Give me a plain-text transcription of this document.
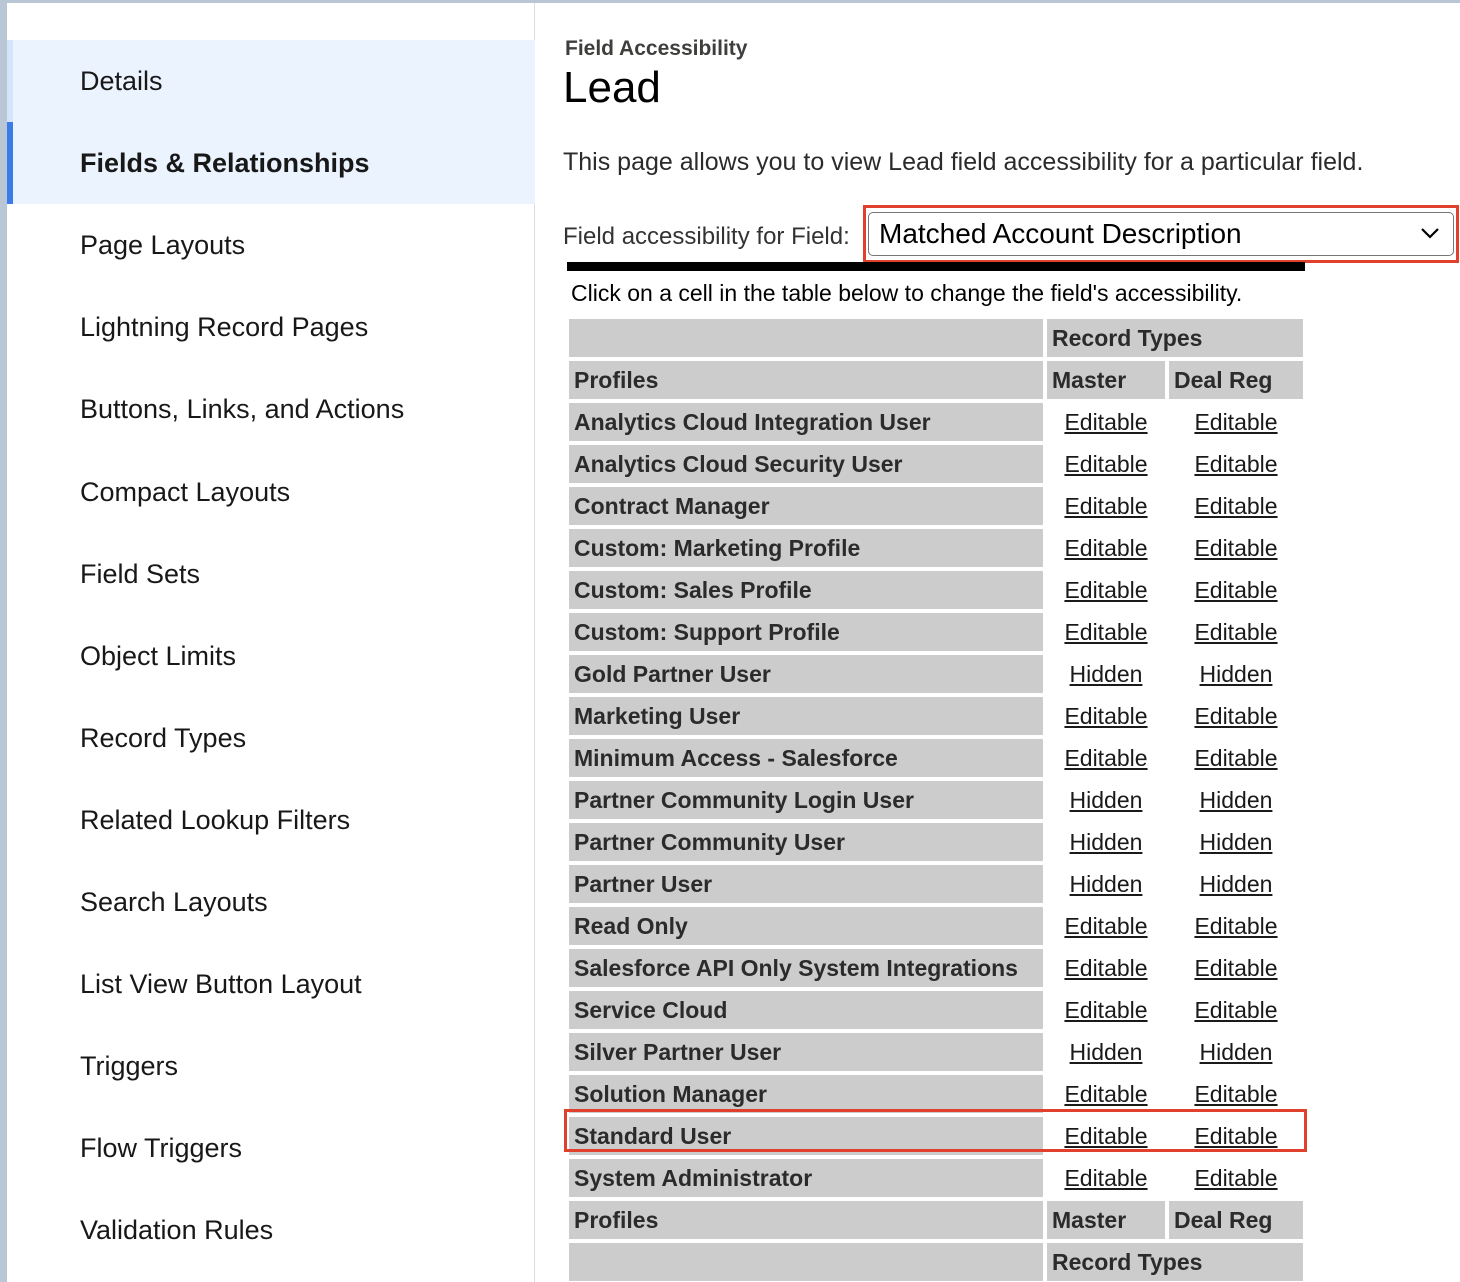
Details
Fields & Relationships
Page Layouts
Lightning Record Pages
Buttons, Links, and Actions
Compact Layouts
Field Sets
Object Limits
Record Types
Related Lookup Filters
Search Layouts
List View Button Layout
Triggers
Flow Triggers
Validation Rules
Field Accessibility
Lead

This page allows you to view Lead field accessibility for a particular field.

Field accessibility for Field: Matched Account Description
Click on a cell in the table below to change the field's accessibility.
	Record Types	
Profiles	Master	Deal Reg
Analytics Cloud Integration User	Editable	Editable
Analytics Cloud Security User	Editable	Editable
Contract Manager	Editable	Editable
Custom: Marketing Profile	Editable	Editable
Custom: Sales Profile	Editable	Editable
Custom: Support Profile	Editable	Editable
Gold Partner User	Hidden	Hidden
Marketing User	Editable	Editable
Minimum Access - Salesforce	Editable	Editable
Partner Community Login User	Hidden	Hidden
Partner Community User	Hidden	Hidden
Partner User	Hidden	Hidden
Read Only	Editable	Editable
Salesforce API Only System Integrations	Editable	Editable
Service Cloud	Editable	Editable
Silver Partner User	Hidden	Hidden
Solution Manager	Editable	Editable
Standard User	Editable	Editable
System Administrator	Editable	Editable
Profiles	Master	Deal Reg
	Record Types	
